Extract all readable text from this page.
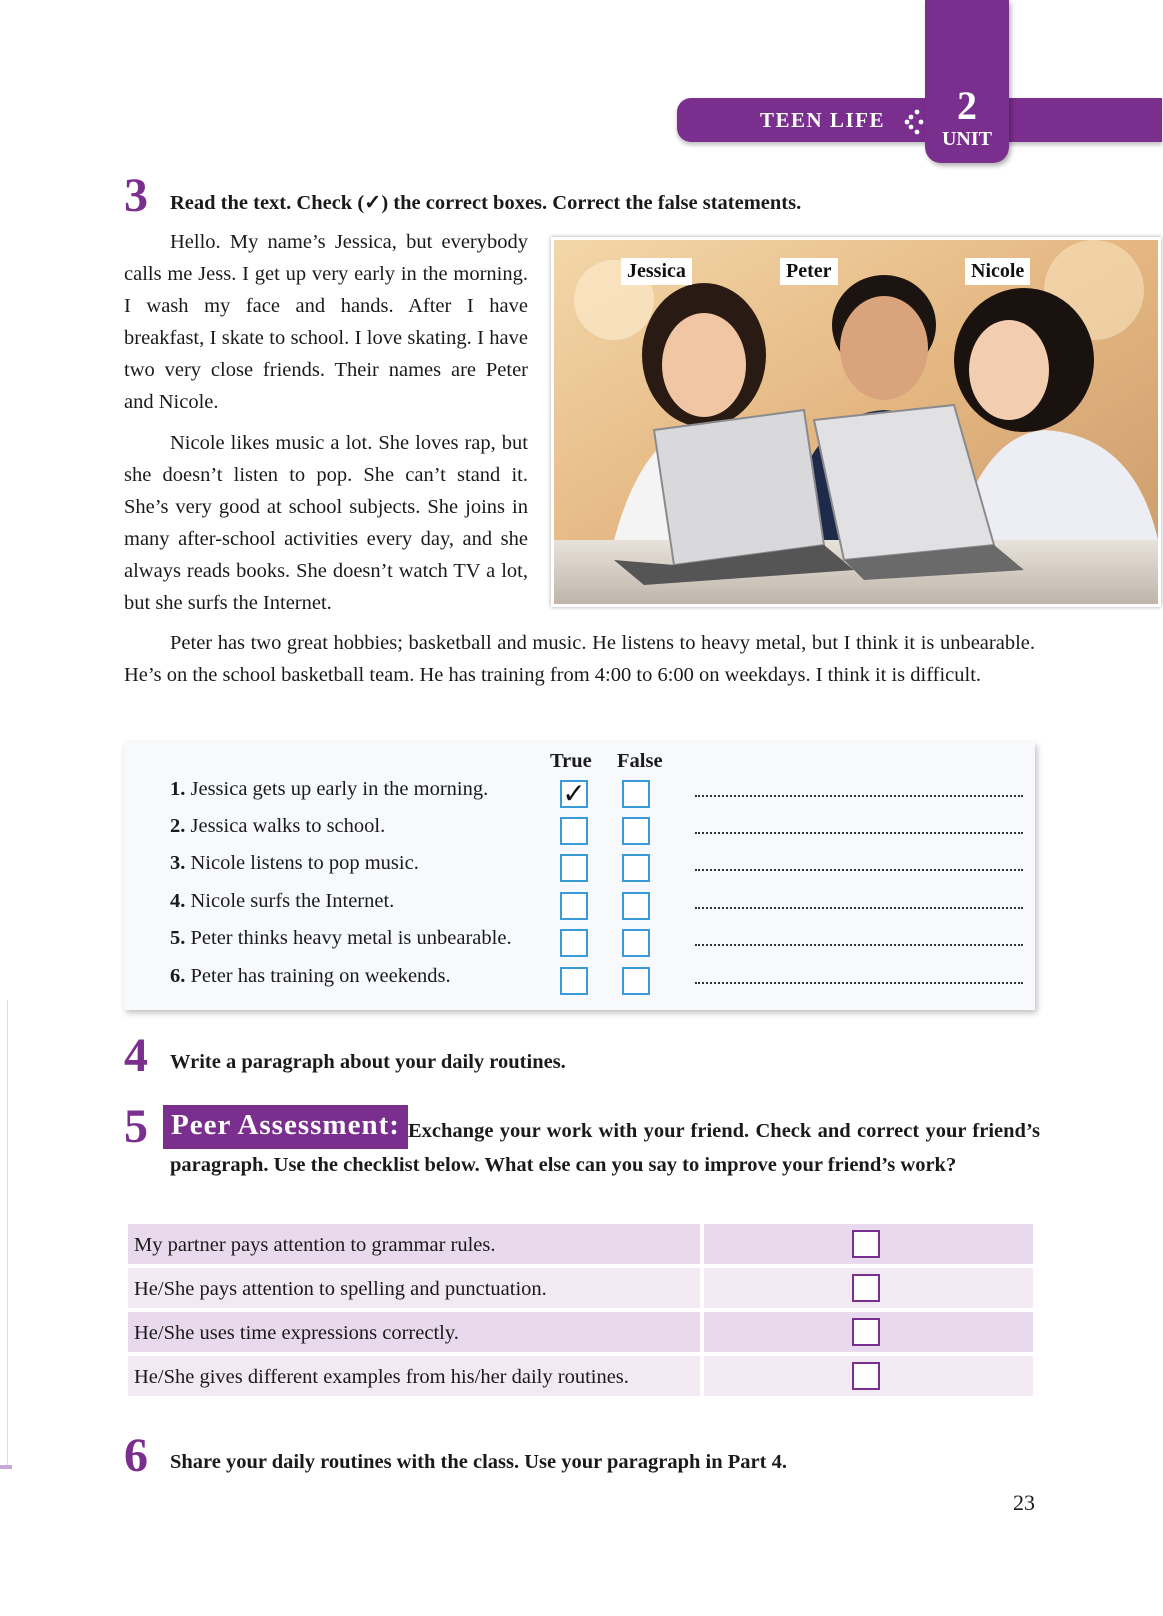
TEEN LIFE	2
UNIT
3 Read the text. Check (✓) the correct boxes. Correct the false statements.

Hello. My name’s Jessica, but everybody calls me Jess. I get up very early in the morning. I wash my face and hands. After I have breakfast, I skate to school. I love skating. I have two very close friends. Their names are Peter and Nicole.

Nicole likes music a lot. She loves rap, but she doesn’t listen to pop. She can’t stand it. She’s very good at school subjects. She joins in many after-school activities every day, and she always reads books. She doesn’t watch TV a lot, but she surfs the Internet.

Peter has two great hobbies; basketball and music. He listens to heavy metal, but I think it is unbearable. He’s on the school basketball team. He has training from 4:00 to 6:00 on weekdays. I think it is difficult.

Jessica	Peter	Nicole
True False
1. Jessica gets up early in the morning.	✓
2. Jessica walks to school.
3. Nicole listens to pop music.
4. Nicole surfs the Internet.
5. Peter thinks heavy metal is unbearable.
6. Peter has training on weekends.
4 Write a paragraph about your daily routines.
5 Peer Assessment: Exchange your work with your friend. Check and correct your friend’s paragraph. Use the checklist below. What else can you say to improve your friend’s work?

My partner pays attention to grammar rules.
He/She pays attention to spelling and punctuation.
He/She uses time expressions correctly.
He/She gives different examples from his/her daily routines.
6 Share your daily routines with the class. Use your paragraph in Part 4.
23
